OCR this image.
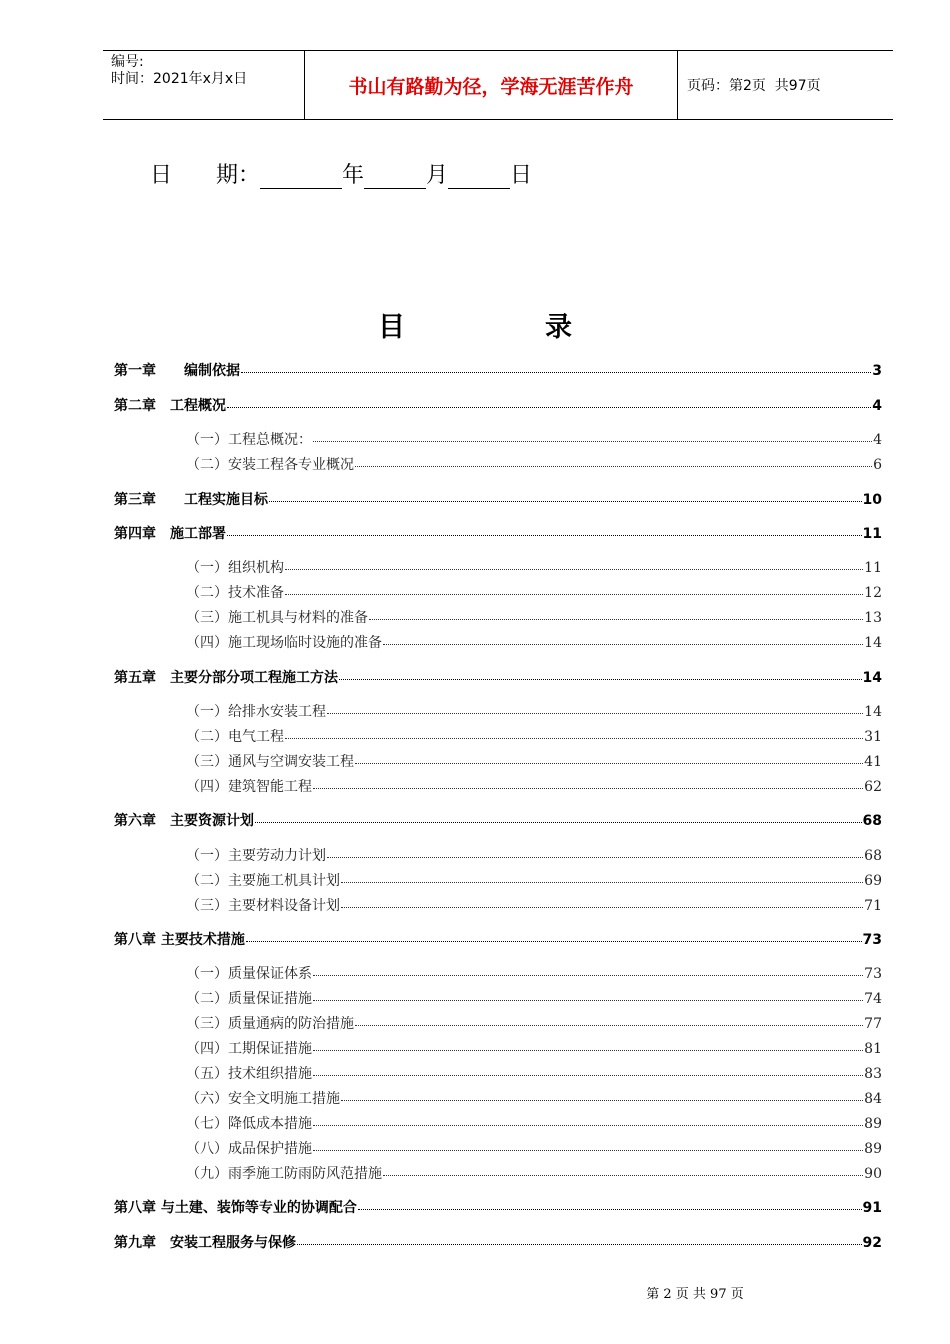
编号:
时间：2021年x月x日	书山有路勤为径，学海无涯苦作舟	页码：第2页  共97页
日　　期：	年	月	日
目	录
第一章　　编制依据	3
第二章　工程概况	4
（一）工程总概况：	4
（二）安装工程各专业概况	6
第三章　　工程实施目标	10
第四章　施工部署	11
（一）组织机构	11
（二）技术准备	12
（三）施工机具与材料的准备	13
（四）施工现场临时设施的准备	14
第五章　主要分部分项工程施工方法	14
（一）给排水安装工程	14
（二）电气工程	31
（三）通风与空调安装工程	41
（四）建筑智能工程	62
第六章　主要资源计划	68
（一）主要劳动力计划	68
（二）主要施工机具计划	69
（三）主要材料设备计划	71
第八章 主要技术措施	73
（一）质量保证体系	73
（二）质量保证措施	74
（三）质量通病的防治措施	77
（四）工期保证措施	81
（五）技术组织措施	83
（六）安全文明施工措施	84
（七）降低成本措施	89
（八）成品保护措施	89
（九）雨季施工防雨防风范措施	90
第八章 与土建、装饰等专业的协调配合	91
第九章　安装工程服务与保修	92
第 2 页 共 97 页
